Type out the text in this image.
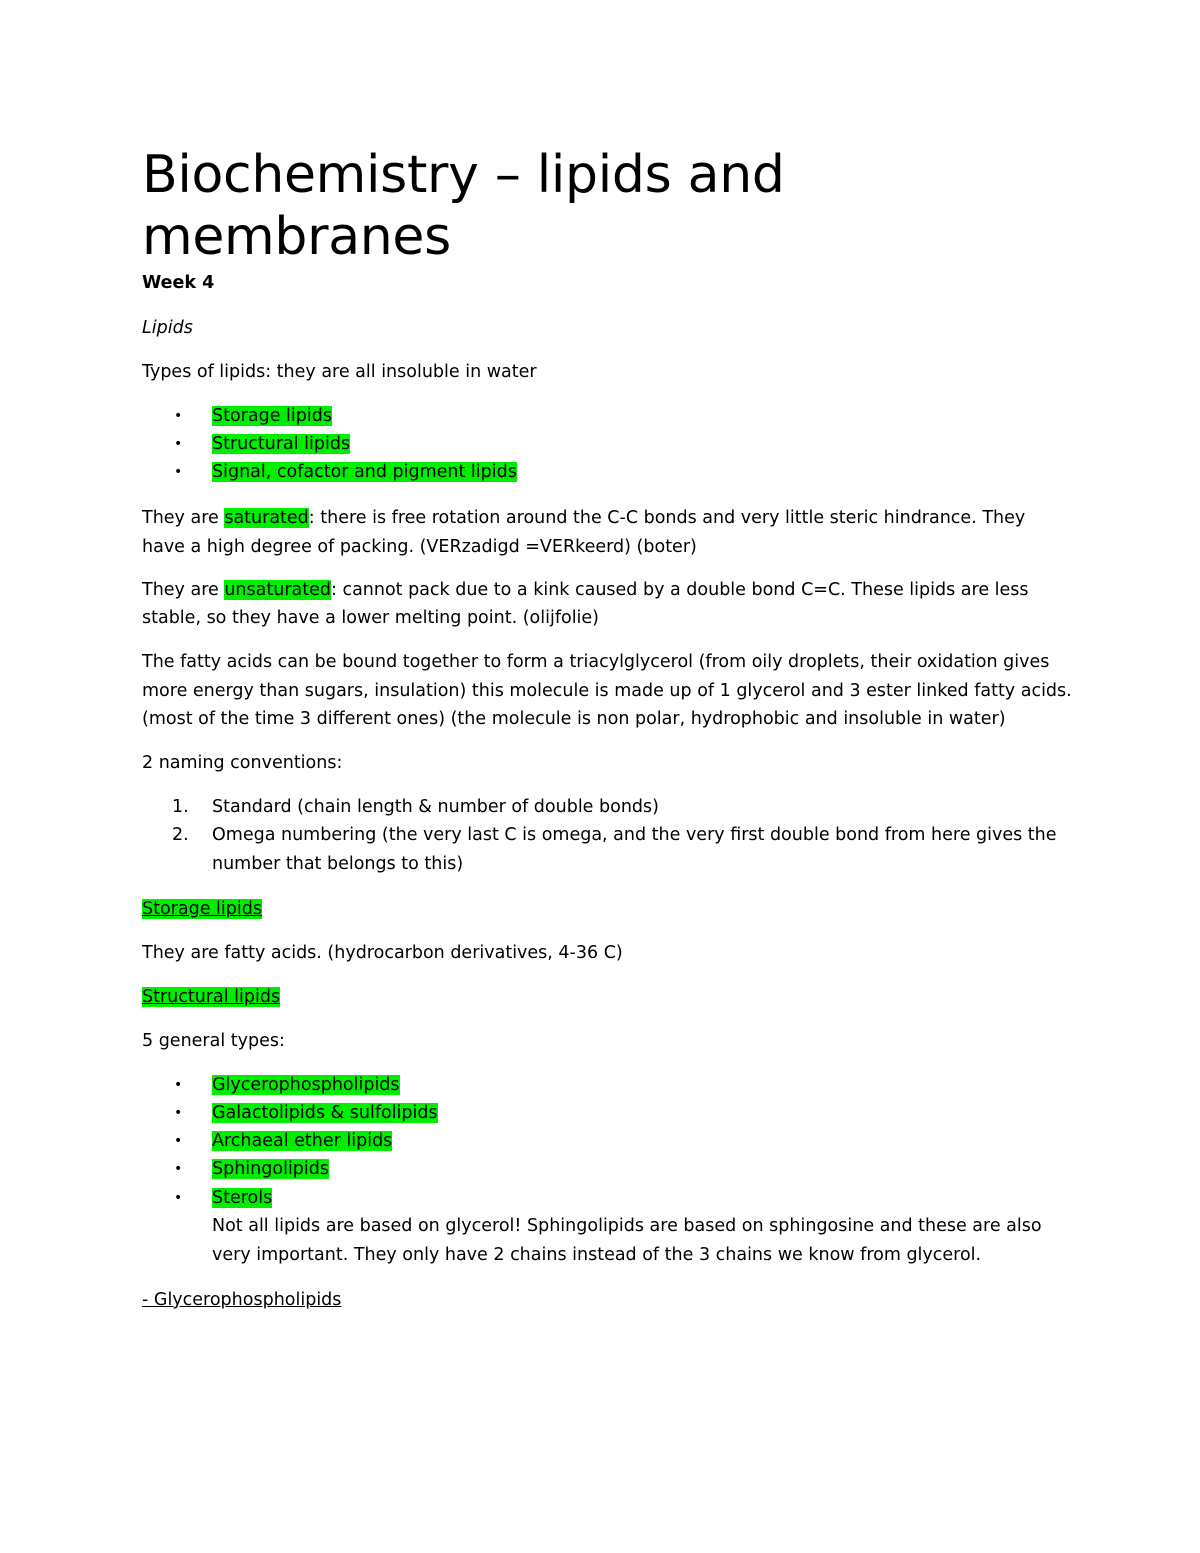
Biochemistry – lipids and
membranes
Week 4
Lipids
Types of lipids: they are all insoluble in water
• Storage lipids
• Structural lipids
• Signal, cofactor and pigment lipids
They are saturated: there is free rotation around the C-C bonds and very little steric hindrance. They
have a high degree of packing. (VERzadigd =VERkeerd) (boter)
They are unsaturated: cannot pack due to a kink caused by a double bond C=C. These lipids are less
stable, so they have a lower melting point. (olijfolie)
The fatty acids can be bound together to form a triacylglycerol (from oily droplets, their oxidation gives
more energy than sugars, insulation) this molecule is made up of 1 glycerol and 3 ester linked fatty acids.
(most of the time 3 different ones) (the molecule is non polar, hydrophobic and insoluble in water)
2 naming conventions:
1. Standard (chain length & number of double bonds)
2. Omega numbering (the very last C is omega, and the very first double bond from here gives the
number that belongs to this)
Storage lipids
They are fatty acids. (hydrocarbon derivatives, 4-36 C)
Structural lipids
5 general types:
• Glycerophospholipids
• Galactolipids & sulfolipids
• Archaeal ether lipids
• Sphingolipids
• Sterols
Not all lipids are based on glycerol! Sphingolipids are based on sphingosine and these are also
very important. They only have 2 chains instead of the 3 chains we know from glycerol.
- Glycerophospholipids
